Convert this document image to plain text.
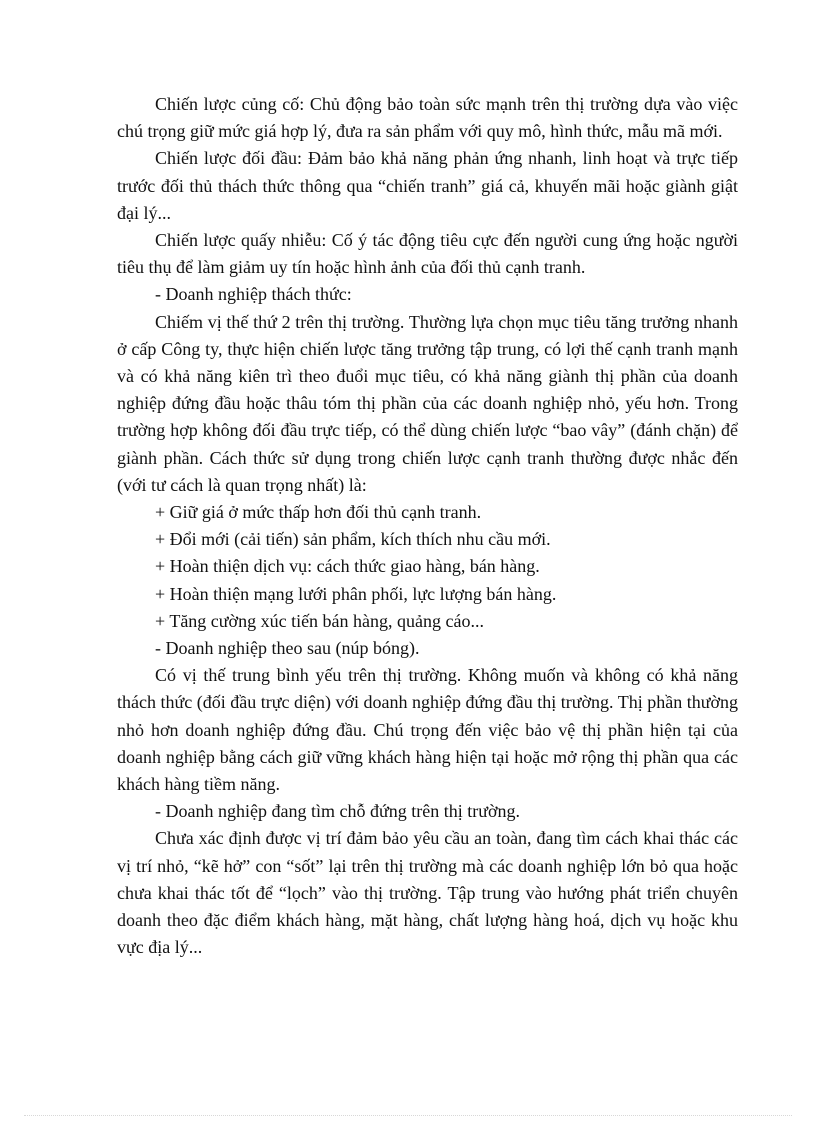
Chiến lược củng cố: Chủ động bảo toàn sức mạnh trên thị trường dựa vào việc chú trọng giữ mức giá hợp lý, đưa ra sản phẩm với quy mô, hình thức, mẫu mã mới.

Chiến lược đối đầu: Đảm bảo khả năng phản ứng nhanh, linh hoạt và trực tiếp trước đối thủ thách thức thông qua “chiến tranh” giá cả, khuyến mãi hoặc giành giật đại lý...

Chiến lược quấy nhiễu: Cố ý tác động tiêu cực đến người cung ứng hoặc người tiêu thụ để làm giảm uy tín hoặc hình ảnh của đối thủ cạnh tranh.

- Doanh nghiệp thách thức:

Chiếm vị thế thứ 2 trên thị trường. Thường lựa chọn mục tiêu tăng trưởng nhanh ở cấp Công ty, thực hiện chiến lược tăng trưởng tập trung, có lợi thế cạnh tranh mạnh và có khả năng kiên trì theo đuổi mục tiêu, có khả năng giành thị phần của doanh nghiệp đứng đầu hoặc thâu tóm thị phần của các doanh nghiệp nhỏ, yếu hơn. Trong trường hợp không đối đầu trực tiếp, có thể dùng chiến lược “bao vây” (đánh chặn) để giành phần. Cách thức sử dụng trong chiến lược cạnh tranh thường được nhắc đến (với tư cách là quan trọng nhất) là:

+ Giữ giá ở mức thấp hơn đối thủ cạnh tranh.

+ Đổi mới (cải tiến) sản phẩm, kích thích nhu cầu mới.

+ Hoàn thiện dịch vụ: cách thức giao hàng, bán hàng.

+ Hoàn thiện mạng lưới phân phối, lực lượng bán hàng.

+ Tăng cường xúc tiến bán hàng, quảng cáo...

- Doanh nghiệp theo sau (núp bóng).

Có vị thế trung bình yếu trên thị trường. Không muốn và không có khả năng thách thức (đối đầu trực diện) với doanh nghiệp đứng đầu thị trường. Thị phần thường nhỏ hơn doanh nghiệp đứng đầu. Chú trọng đến việc bảo vệ thị phần hiện tại của doanh nghiệp bằng cách giữ vững khách hàng hiện tại hoặc mở rộng thị phần qua các khách hàng tiềm năng.

- Doanh nghiệp đang tìm chỗ đứng trên thị trường.

Chưa xác định được vị trí đảm bảo yêu cầu an toàn, đang tìm cách khai thác các vị trí nhỏ, “kẽ hở” con “sốt” lại trên thị trường mà các doanh nghiệp lớn bỏ qua hoặc chưa khai thác tốt để “lọch” vào thị trường. Tập trung vào hướng phát triển chuyên doanh theo đặc điểm khách hàng, mặt hàng, chất lượng hàng hoá, dịch vụ hoặc khu vực địa lý...
